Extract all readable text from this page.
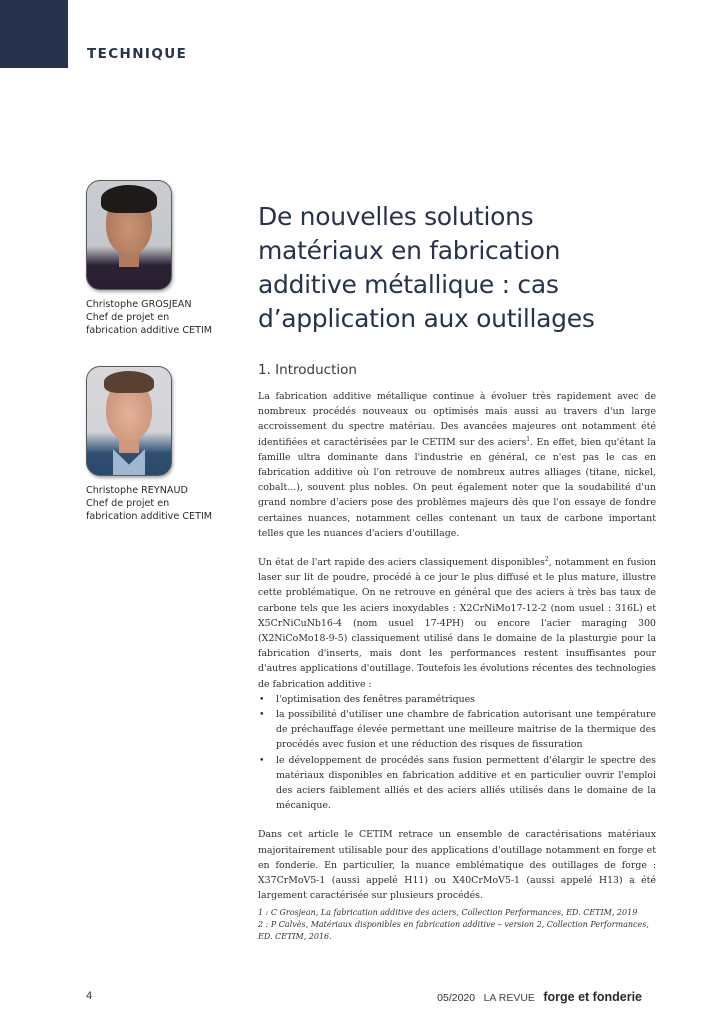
TECHNIQUE
Christophe GROSJEAN
Chef de projet en
fabrication additive CETIM
Christophe REYNAUD
Chef de projet en
fabrication additive CETIM
De nouvelles solutions
matériaux en fabrication
additive métallique : cas
d’application aux outillages
1. Introduction

La fabrication additive métallique continue à évoluer très rapidement avec de nombreux procédés nouveaux ou optimisés mais aussi au travers d'un large accroissement du spectre matériau. Des avancées majeures ont notamment été identifiées et caractérisées par le CETIM sur des aciers$^1$. En effet, bien qu'étant la famille ultra dominante dans l'industrie en général, ce n'est pas le cas en fabrication additive où l'on retrouve de nombreux autres alliages (titane, nickel, cobalt...), souvent plus nobles. On peut également noter que la soudabilité d'un grand nombre d'aciers pose des problèmes majeurs dès que l'on essaye de fondre certaines nuances, notamment celles contenant un taux de carbone important telles que les nuances d'aciers d'outillage.

Un état de l'art rapide des aciers classiquement disponibles$^2$, notamment en fusion laser sur lit de poudre, procédé à ce jour le plus diffusé et le plus mature, illustre cette problématique. On ne retrouve en général que des aciers à très bas taux de carbone tels que les aciers inoxydables : X2CrNiMo17-12-2 (nom usuel : 316L) et X5CrNiCuNb16-4 (nom usuel 17-4PH) ou encore l'acier maraging 300 (X2NiCoMo18-9-5) classiquement utilisé dans le domaine de la plasturgie pour la fabrication d'inserts, mais dont les performances restent insuffisantes pour d'autres applications d'outillage. Toutefois les évolutions récentes des technologies de fabrication additive :

• l'optimisation des fenêtres paramétriques
• la possibilité d'utiliser une chambre de fabrication autorisant une température de préchauffage élevée permettant une meilleure maitrise de la thermique des procédés avec fusion et une réduction des risques de fissuration
• le développement de procédés sans fusion permettent d'élargir le spectre des matériaux disponibles en fabrication additive et en particulier ouvrir l'emploi des aciers faiblement alliés et des aciers alliés utilisés dans le domaine de la mécanique.

Dans cet article le CETIM retrace un ensemble de caractérisations matériaux majoritairement utilisable pour des applications d'outillage notamment en forge et en fonderie. En particulier, la nuance emblématique des outillages de forge : X37CrMoV5-1 (aussi appelé H11) ou X40CrMoV5-1 (aussi appelé H13) a été largement caractérisée sur plusieurs procédés.

1 : C Grosjean, La fabrication additive des aciers, Collection Performances, ED. CETIM, 2019
2 : P Calvès, Matériaux disponibles en fabrication additive – version 2, Collection Performances, ED. CETIM, 2016.
4	05/2020 LA REVUE forge et fonderie
